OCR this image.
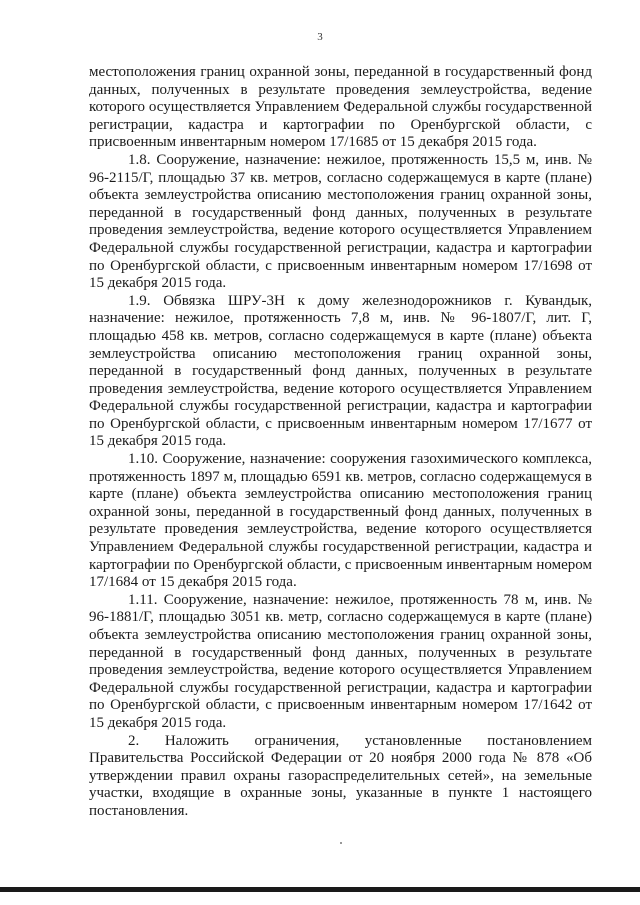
3

местоположения границ охранной зоны, переданной в государственный фонд данных, полученных в результате проведения землеустройства, ведение которого осуществляется Управлением Федеральной службы государственной регистрации, кадастра и картографии по Оренбургской области, с присвоенным инвентарным номером 17/1685 от 15 декабря 2015 года.

1.8. Сооружение, назначение: нежилое, протяженность 15,5 м, инв. № 96-2115/Г, площадью 37 кв. метров, согласно содержащемуся в карте (плане) объекта землеустройства описанию местоположения границ охранной зоны, переданной в государственный фонд данных, полученных в результате проведения землеустройства, ведение которого осуществляется Управлением Федеральной службы государственной регистрации, кадастра и картографии по Оренбургской области, с присвоенным инвентарным номером 17/1698 от 15 декабря 2015 года.

1.9. Обвязка ШРУ-3Н к дому железнодорожников г. Кувандык, назначение: нежилое, протяженность 7,8 м, инв. № 96-1807/Г, лит. Г, площадью 458 кв. метров, согласно содержащемуся в карте (плане) объекта землеустройства описанию местоположения границ охранной зоны, переданной в государственный фонд данных, полученных в результате проведения землеустройства, ведение которого осуществляется Управлением Федеральной службы государственной регистрации, кадастра и картографии по Оренбургской области, с присвоенным инвентарным номером 17/1677 от 15 декабря 2015 года.

1.10. Сооружение, назначение: сооружения газохимического комплекса, протяженность 1897 м, площадью 6591 кв. метров, согласно содержащемуся в карте (плане) объекта землеустройства описанию местоположения границ охранной зоны, переданной в государственный фонд данных, полученных в результате проведения землеустройства, ведение которого осуществляется Управлением Федеральной службы государственной регистрации, кадастра и картографии по Оренбургской области, с присвоенным инвентарным номером 17/1684 от 15 декабря 2015 года.

1.11. Сооружение, назначение: нежилое, протяженность 78 м, инв. № 96-1881/Г, площадью 3051 кв. метр, согласно содержащемуся в карте (плане) объекта землеустройства описанию местоположения границ охранной зоны, переданной в государственный фонд данных, полученных в результате проведения землеустройства, ведение которого осуществляется Управлением Федеральной службы государственной регистрации, кадастра и картографии по Оренбургской области, с присвоенным инвентарным номером 17/1642 от 15 декабря 2015 года.

2. Наложить ограничения, установленные постановлением Правительства Российской Федерации от 20 ноября 2000 года № 878 «Об утверждении правил охраны газораспределительных сетей», на земельные участки, входящие в охранные зоны, указанные в пункте 1 настоящего постановления.
